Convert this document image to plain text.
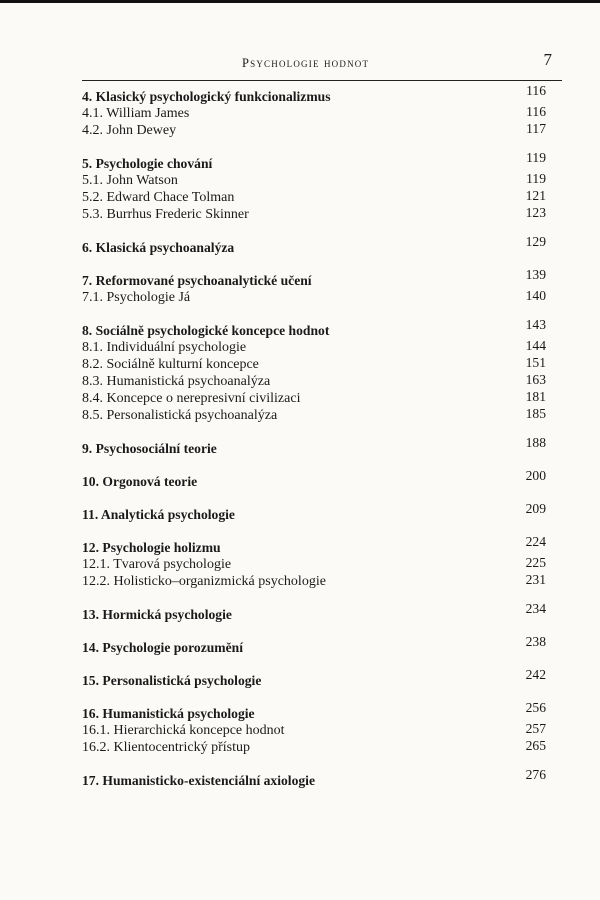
Psychologie hodnot	7
4. Klasický psychologický funkcionalizmus	116
4.1. William James	116
4.2. John Dewey	117
5. Psychologie chování	119
5.1. John Watson	119
5.2. Edward Chace Tolman	121
5.3. Burrhus Frederic Skinner	123
6. Klasická psychoanalýza	129
7. Reformované psychoanalytické učení	139
7.1. Psychologie Já	140
8. Sociálně psychologické koncepce hodnot	143
8.1. Individuální psychologie	144
8.2. Sociálně kulturní koncepce	151
8.3. Humanistická psychoanalýza	163
8.4. Koncepce o nerepresivní civilizaci	181
8.5. Personalistická psychoanalýza	185
9. Psychosociální teorie	188
10. Orgonová teorie	200
11. Analytická psychologie	209
12. Psychologie holizmu	224
12.1. Tvarová psychologie	225
12.2. Holisticko–organizmická psychologie	231
13. Hormická psychologie	234
14. Psychologie porozumění	238
15. Personalistická psychologie	242
16. Humanistická psychologie	256
16.1. Hierarchická koncepce hodnot	257
16.2. Klientocentrický přístup	265
17. Humanisticko-existenciální axiologie	276
